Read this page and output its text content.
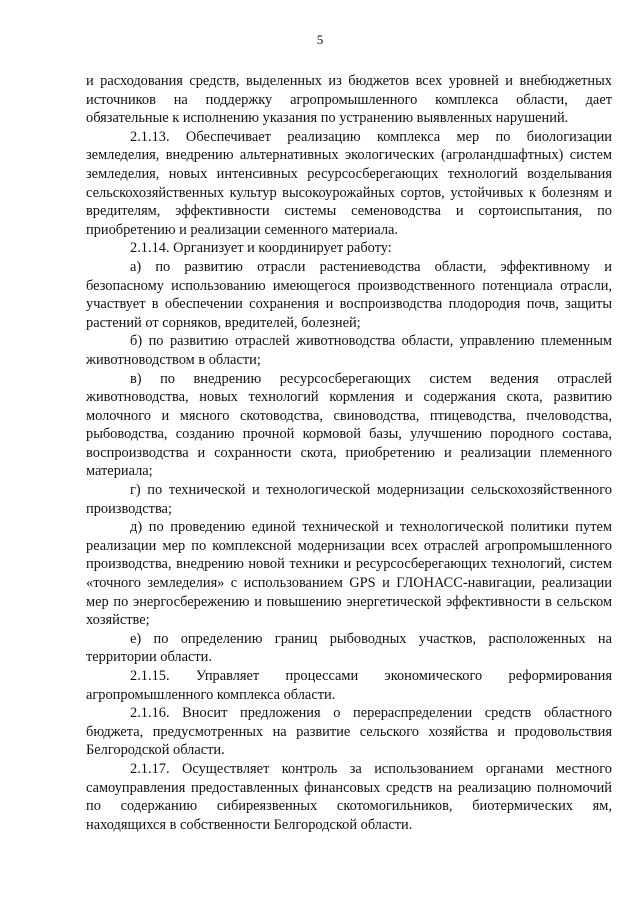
5

и расходования средств, выделенных из бюджетов всех уровней и внебюджетных источников на поддержку агропромышленного комплекса области, дает обязательные к исполнению указания по устранению выявленных нарушений.

2.1.13. Обеспечивает реализацию комплекса мер по биологизации земледелия, внедрению альтернативных экологических (агроландшафтных) систем земледелия, новых интенсивных ресурсосберегающих технологий возделывания сельскохозяйственных культур высокоурожайных сортов, устойчивых к болезням и вредителям, эффективности системы семеноводства и сортоиспытания, по приобретению и реализации семенного материала.

2.1.14. Организует и координирует работу:

а) по развитию отрасли растениеводства области, эффективному и безопасному использованию имеющегося производственного потенциала отрасли, участвует в обеспечении сохранения и воспроизводства плодородия почв, защиты растений от сорняков, вредителей, болезней;

б) по развитию отраслей животноводства области, управлению племенным животноводством в области;

в) по внедрению ресурсосберегающих систем ведения отраслей животноводства, новых технологий кормления и содержания скота, развитию молочного и мясного скотоводства, свиноводства, птицеводства, пчеловодства, рыбоводства, созданию прочной кормовой базы, улучшению породного состава, воспроизводства и сохранности скота, приобретению и реализации племенного материала;

г) по технической и технологической модернизации сельскохозяйственного производства;

д) по проведению единой технической и технологической политики путем реализации мер по комплексной модернизации всех отраслей агропромышленного производства, внедрению новой техники и ресурсосберегающих технологий, систем «точного земледелия» с использованием GPS и ГЛОНАСС-навигации, реализации мер по энергосбережению и повышению энергетической эффективности в сельском хозяйстве;

е) по определению границ рыбоводных участков, расположенных на территории области.

2.1.15. Управляет процессами экономического реформирования агропромышленного комплекса области.

2.1.16. Вносит предложения о перераспределении средств областного бюджета, предусмотренных на развитие сельского хозяйства и продовольствия Белгородской области.

2.1.17. Осуществляет контроль за использованием органами местного самоуправления предоставленных финансовых средств на реализацию полномочий по содержанию сибиреязвенных скотомогильников, биотермических ям, находящихся в собственности Белгородской области.
